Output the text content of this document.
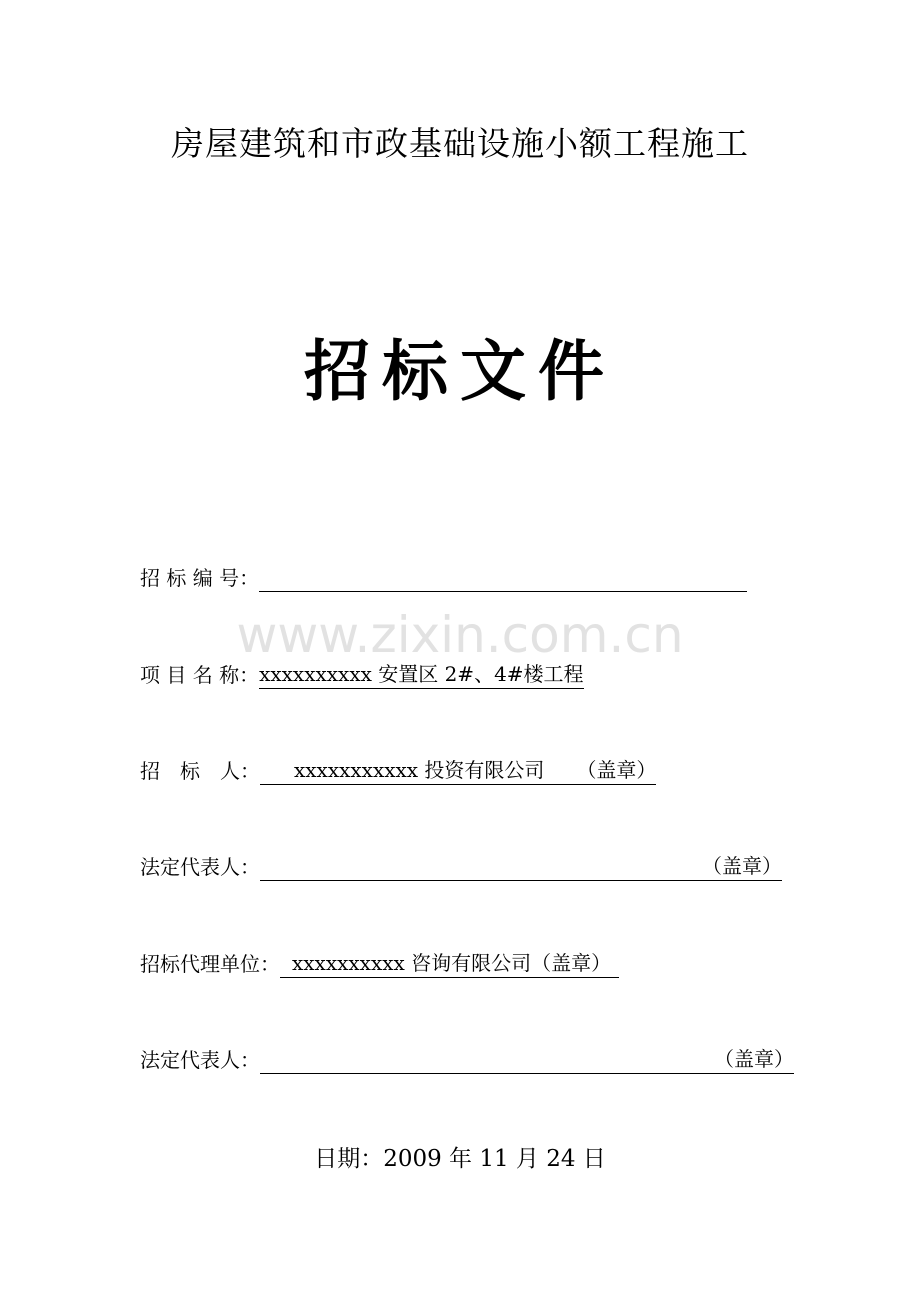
房屋建筑和市政基础设施小额工程施工
招标文件
www.zixin.com.cn
招 标 编 号：
项 目 名 称： xxxxxxxxxx 安置区 2#、4#楼工程
招　标　人：	xxxxxxxxxxx 投资有限公司 （盖章）
法定代表人：	（盖章）
招标代理单位： xxxxxxxxxx 咨询有限公司（盖章）
法定代表人：	（盖章）
日期：2009 年 11 月 24 日
